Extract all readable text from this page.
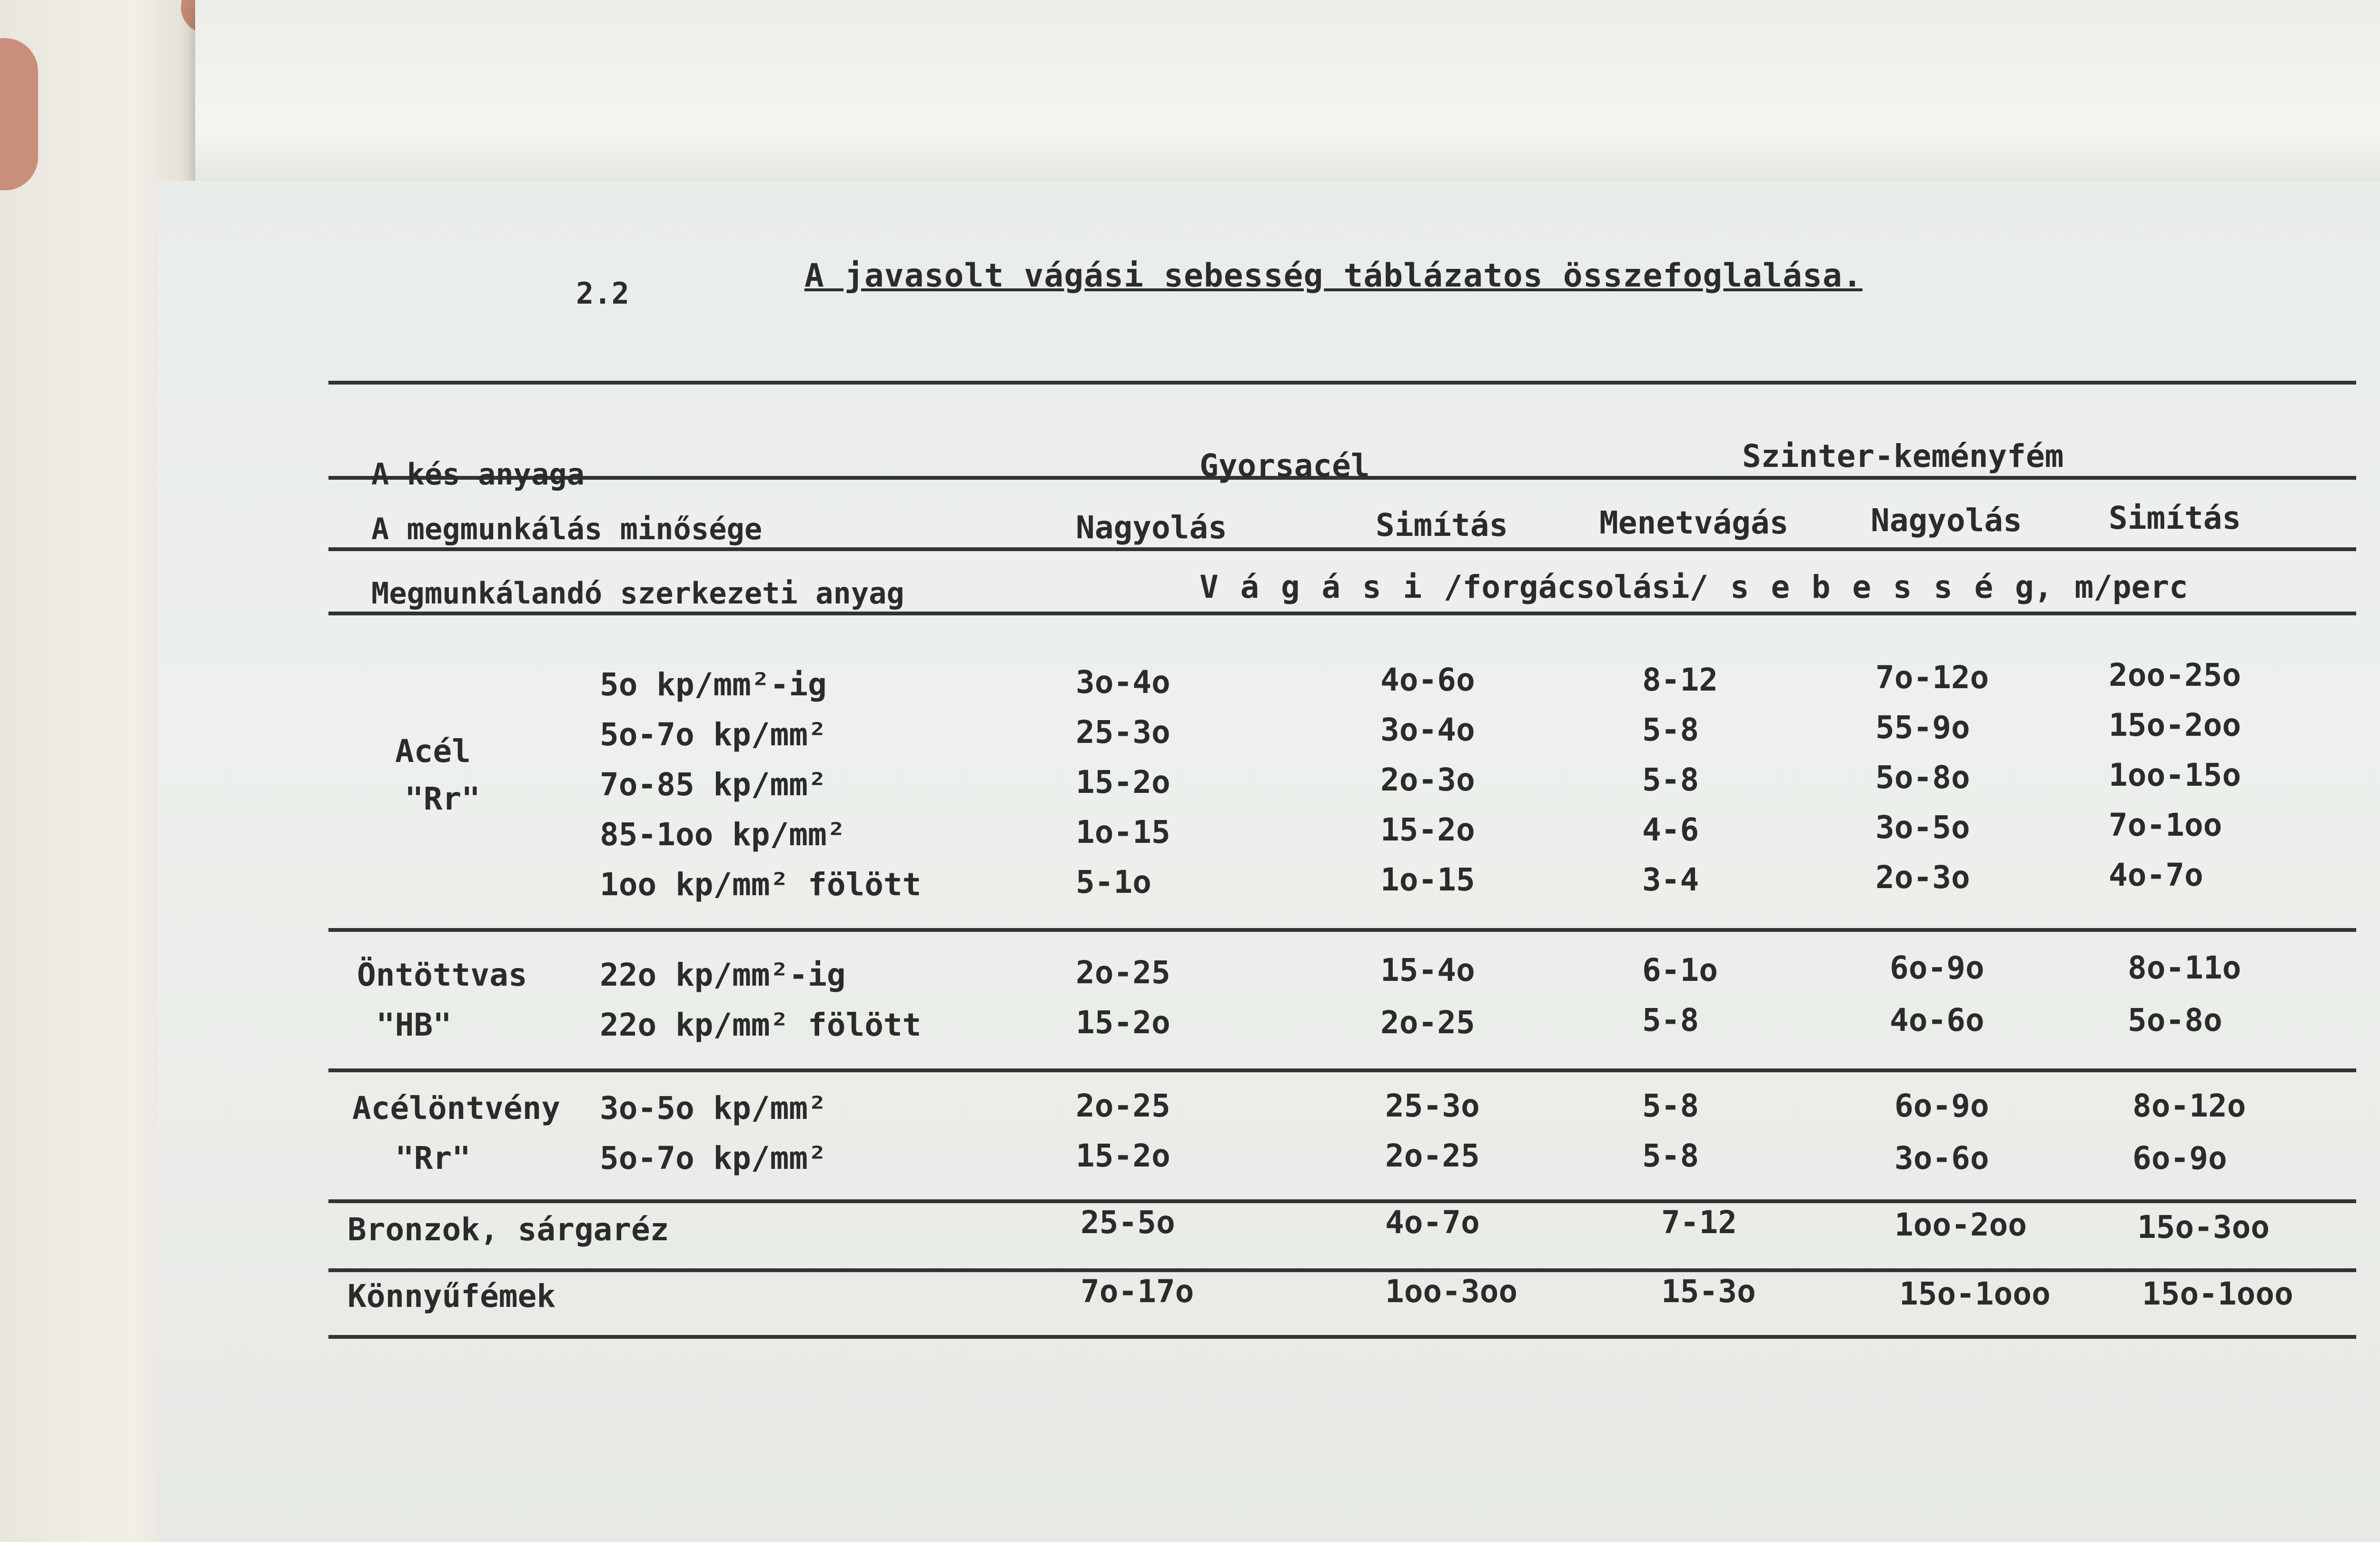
2.2	A javasolt vágási sebesség táblázatos összefoglalása.
A kés anyaga	Gyorsacél	Szinter-keményfém
A megmunkálás minősége	Nagyolás	Simítás	Menetvágás	Nagyolás	Simítás
Megmunkálandó szerkezeti anyag	V á g á s i /forgácsolási/ s e b e s s é g, m/perc
Acél
"Rr"
5o kp/mm²-ig	3o-4o	4o-6o	8-12	7o-12o	2oo-25o
5o-7o kp/mm²	25-3o	3o-4o	5-8	55-9o	15o-2oo
7o-85 kp/mm²	15-2o	2o-3o	5-8	5o-8o	1oo-15o
85-1oo kp/mm²	1o-15	15-2o	4-6	3o-5o	7o-1oo
1oo kp/mm² fölött	5-1o	1o-15	3-4	2o-3o	4o-7o
Öntöttvas
"HB"
22o kp/mm²-ig	2o-25	15-4o	6-1o	6o-9o	8o-11o
22o kp/mm² fölött	15-2o	2o-25	5-8	4o-6o	5o-8o
Acélöntvény
"Rr"
3o-5o kp/mm²	2o-25	25-3o	5-8	6o-9o	8o-12o
5o-7o kp/mm²	15-2o	2o-25	5-8	3o-6o	6o-9o
Bronzok, sárgaréz	25-5o	4o-7o	7-12	1oo-2oo	15o-3oo
Könnyűfémek	7o-17o	1oo-3oo	15-3o	15o-1ooo	15o-1ooo
